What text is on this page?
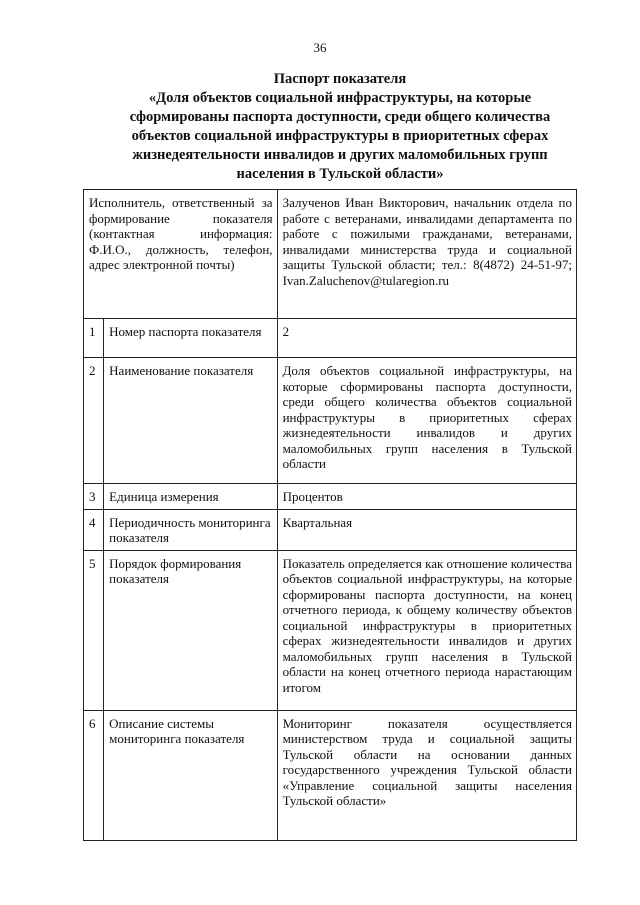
36
Паспорт показателя
«Доля объектов социальной инфраструктуры, на которые
сформированы паспорта доступности, среди общего количества
объектов социальной инфраструктуры в приоритетных сферах
жизнедеятельности инвалидов и других маломобильных групп
населения в Тульской области»
Исполнитель, ответственный за формирование показателя (контактная информация: Ф.И.О., должность, телефон, адрес электронной почты)		Залученов Иван Викторович, начальник отдела по работе с ветеранами, инвалидами департамента по работе с пожилыми гражданами, ветеранами, инвалидами министерства труда и социальной защиты Тульской области; тел.: 8(4872) 24-51-97; Ivan.Zaluchenov@tularegion.ru
1	Номер паспорта показателя	2
2	Наименование показателя	Доля объектов социальной инфраструктуры, на которые сформированы паспорта доступности, среди общего количества объектов социальной инфраструктуры в приоритетных сферах жизнедеятельности инвалидов и других маломобильных групп населения в Тульской области
3	Единица измерения	Процентов
4	Периодичность мониторинга показателя	Квартальная
5	Порядок формирования показателя	Показатель определяется как отношение количества объектов социальной инфраструктуры, на которые сформированы паспорта доступности, на конец отчетного периода, к общему количеству объектов социальной инфраструктуры в приоритетных сферах жизнедеятельности инвалидов и других маломобильных групп населения в Тульской области на конец отчетного периода нарастающим итогом
6	Описание системы мониторинга показателя	Мониторинг показателя осуществляется министерством труда и социальной защиты Тульской области на основании данных государственного учреждения Тульской области «Управление социальной защиты населения Тульской области»
